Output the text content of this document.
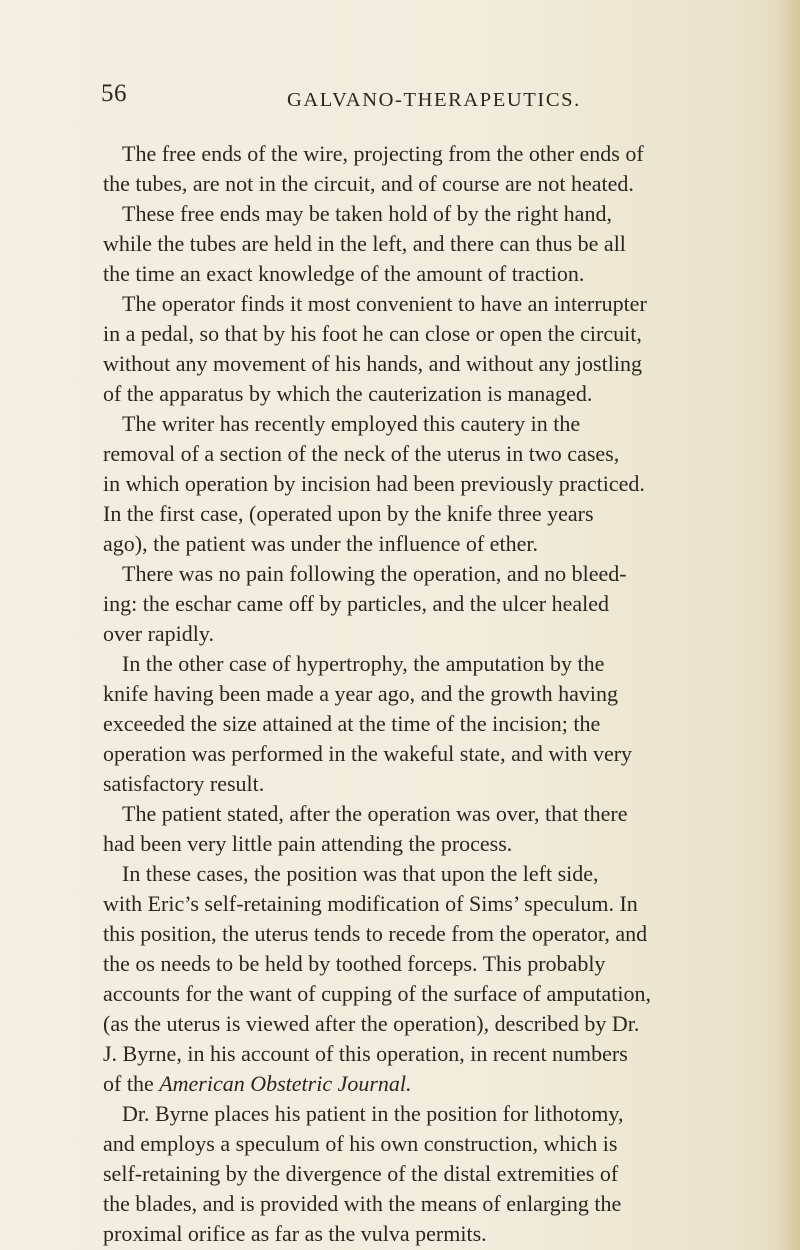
56	GALVANO-THERAPEUTICS.
The free ends of the wire, projecting from the other ends of
the tubes, are not in the circuit, and of course are not heated.
These free ends may be taken hold of by the right hand,
while the tubes are held in the left, and there can thus be all
the time an exact knowledge of the amount of traction.
The operator finds it most convenient to have an interrupter
in a pedal, so that by his foot he can close or open the circuit,
without any movement of his hands, and without any jostling
of the apparatus by which the cauterization is managed.
The writer has recently employed this cautery in the
removal of a section of the neck of the uterus in two cases,
in which operation by incision had been previously practiced.
In the first case, (operated upon by the knife three years
ago), the patient was under the influence of ether.
There was no pain following the operation, and no bleed-
ing: the eschar came off by particles, and the ulcer healed
over rapidly.
In the other case of hypertrophy, the amputation by the
knife having been made a year ago, and the growth having
exceeded the size attained at the time of the incision; the
operation was performed in the wakeful state, and with very
satisfactory result.
The patient stated, after the operation was over, that there
had been very little pain attending the process.
In these cases, the position was that upon the left side,
with Eric’s self-retaining modification of Sims’ speculum. In
this position, the uterus tends to recede from the operator, and
the os needs to be held by toothed forceps. This probably
accounts for the want of cupping of the surface of amputation,
(as the uterus is viewed after the operation), described by Dr.
J. Byrne, in his account of this operation, in recent numbers
of the American Obstetric Journal.
Dr. Byrne places his patient in the position for lithotomy,
and employs a speculum of his own construction, which is
self-retaining by the divergence of the distal extremities of
the blades, and is provided with the means of enlarging the
proximal orifice as far as the vulva permits.
